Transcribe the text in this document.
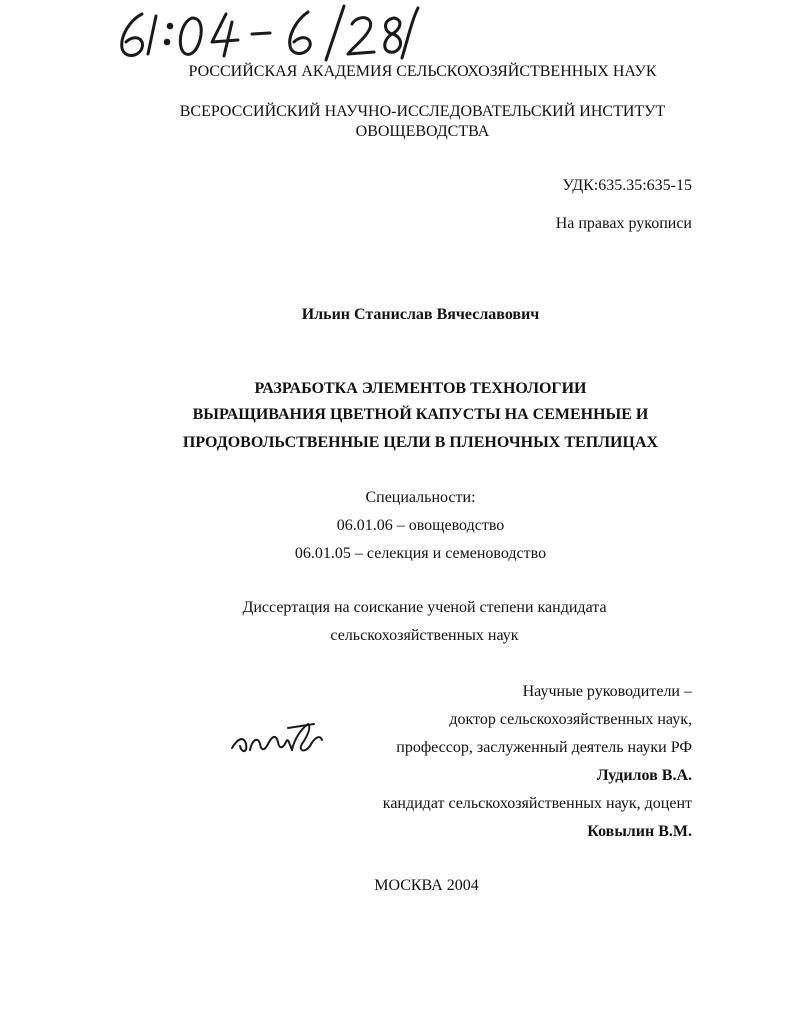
РОССИЙСКАЯ АКАДЕМИЯ СЕЛЬСКОХОЗЯЙСТВЕННЫХ НАУК
ВСЕРОССИЙСКИЙ НАУЧНО-ИССЛЕДОВАТЕЛЬСКИЙ ИНСТИТУТ
ОВОЩЕВОДСТВА
УДК:635.35:635-15
На правах рукописи
Ильин Станислав Вячеславович
РАЗРАБОТКА ЭЛЕМЕНТОВ ТЕХНОЛОГИИ
ВЫРАЩИВАНИЯ ЦВЕТНОЙ КАПУСТЫ НА СЕМЕННЫЕ И
ПРОДОВОЛЬСТВЕННЫЕ ЦЕЛИ В ПЛЕНОЧНЫХ ТЕПЛИЦАХ
Специальности:
06.01.06 – овощеводство
06.01.05 – селекция и семеноводство
Диссертация на соискание ученой степени кандидата
сельскохозяйственных наук
Научные руководители –
доктор сельскохозяйственных наук,
профессор, заслуженный деятель науки РФ
Лудилов В.А.
кандидат сельскохозяйственных наук, доцент
Ковылин В.М.
МОСКВА 2004
